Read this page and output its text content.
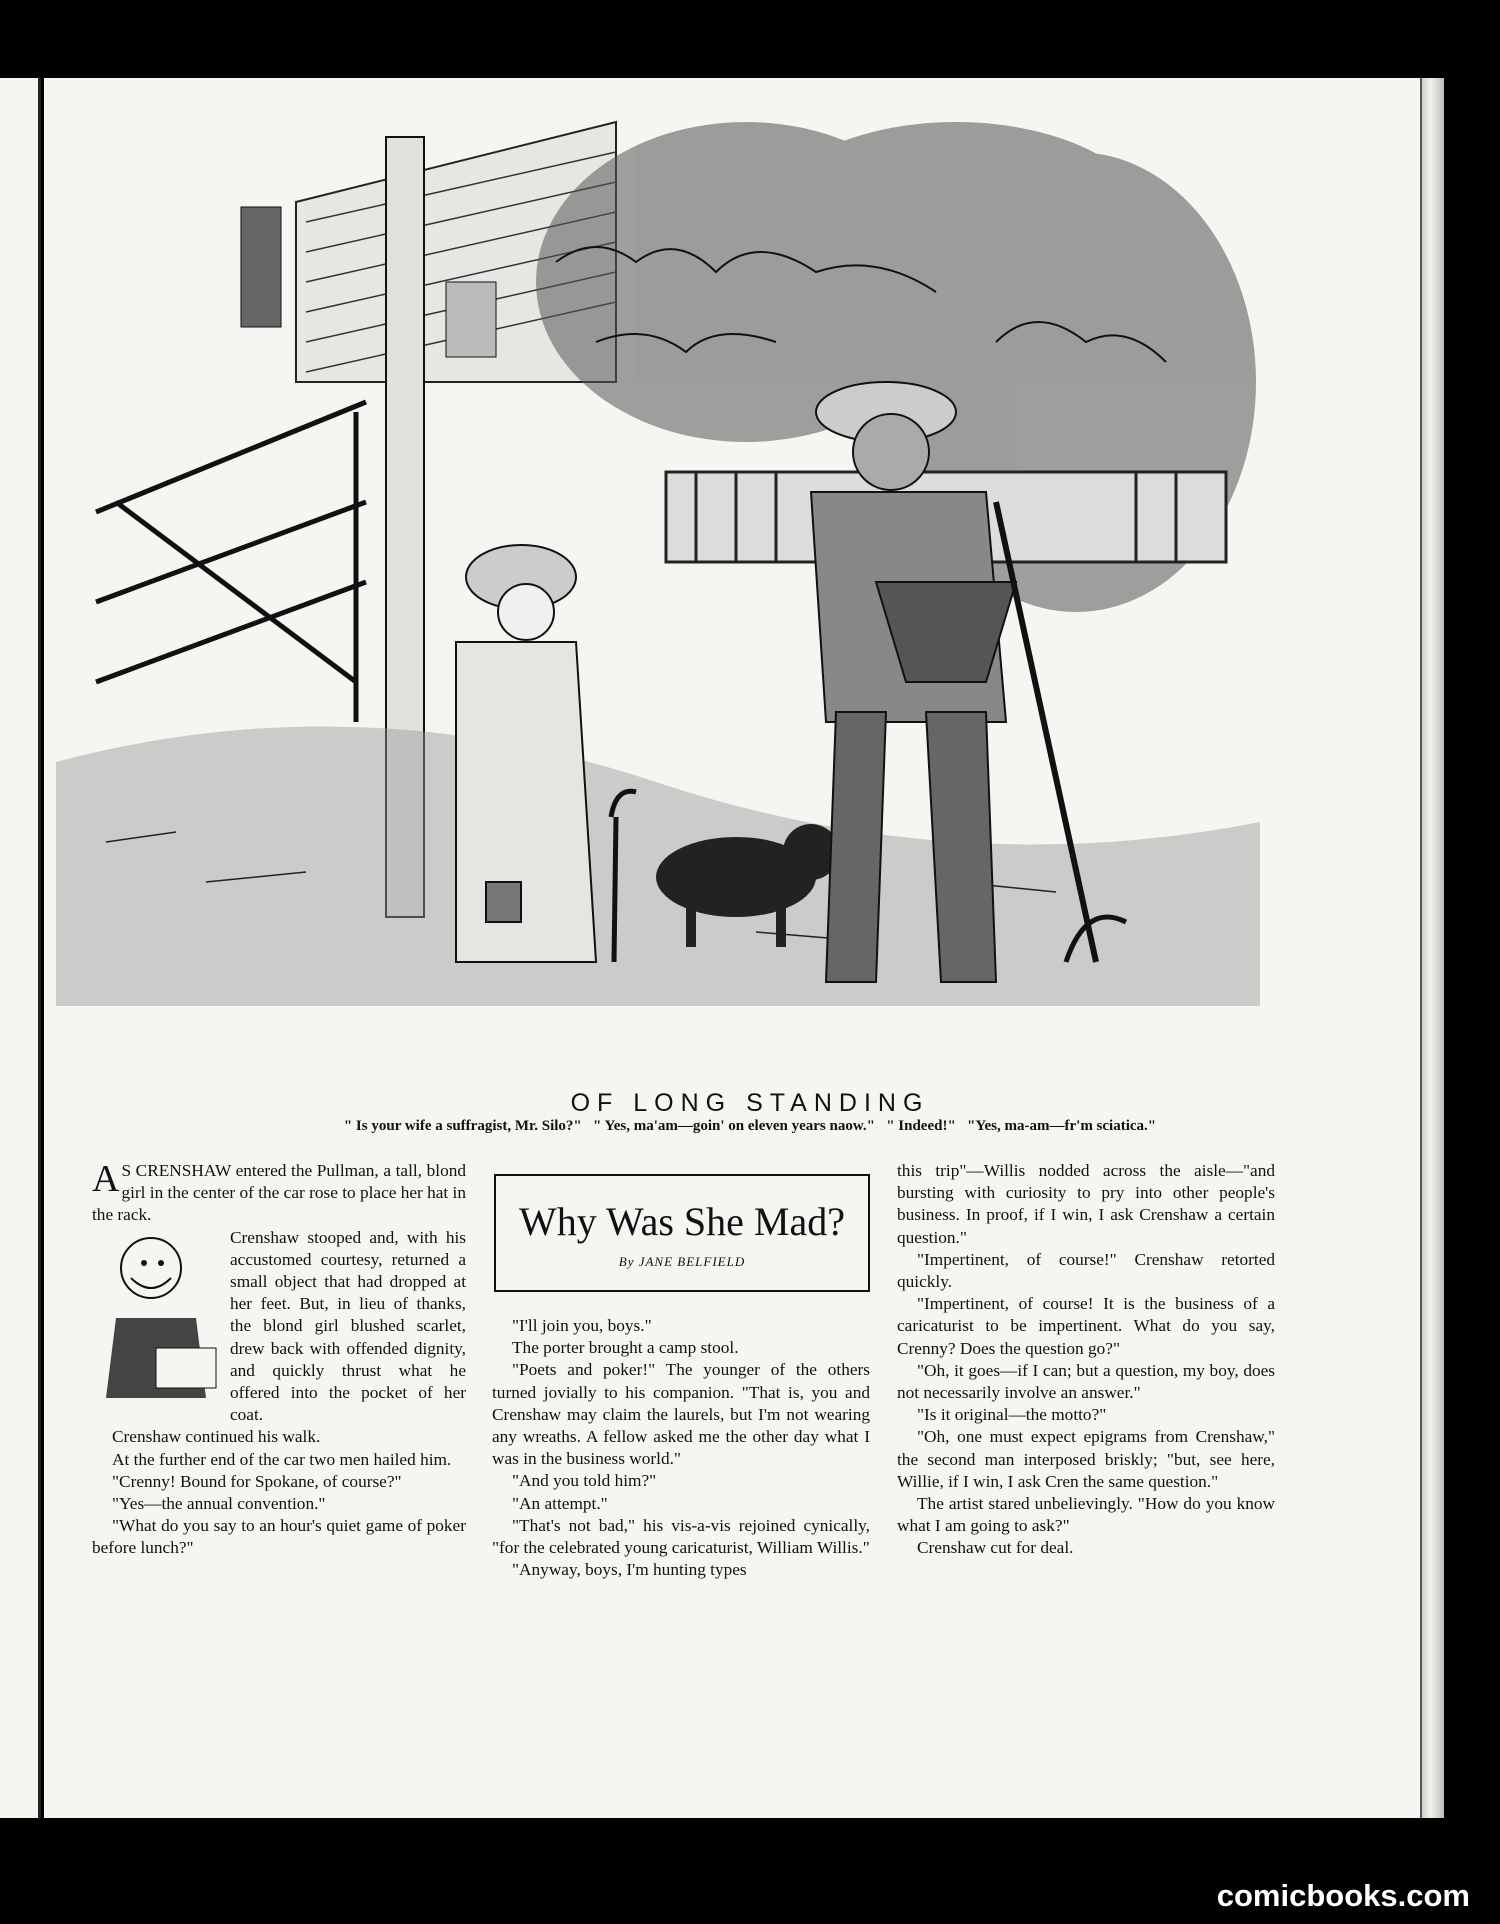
OF LONG STANDING
" Is your wife a suffragist, Mr. Silo?"   " Yes, ma'am—goin' on eleven years naow."   " Indeed!"   "Yes, ma-am—fr'm sciatica."

A S CRENSHAW entered the Pullman, a tall, blond girl in the center of the car rose to place her hat in the rack.

Crenshaw stooped and, with his accustomed courtesy, returned a small object that had dropped at her feet. But, in lieu of thanks, the blond girl blushed scarlet, drew back with offended dignity, and quickly thrust what he offered into the pocket of her coat.

Crenshaw continued his walk.

At the further end of the car two men hailed him.

"Crenny! Bound for Spokane, of course?"

"Yes—the annual convention."

"What do you say to an hour's quiet game of poker before lunch?"

Why Was She Mad?
By JANE BELFIELD

"I'll join you, boys."

The porter brought a camp stool.

"Poets and poker!" The younger of the others turned jovially to his companion. "That is, you and Crenshaw may claim the laurels, but I'm not wearing any wreaths. A fellow asked me the other day what I was in the business world."

"And you told him?"

"An attempt."

"That's not bad," his vis-a-vis rejoined cynically, "for the celebrated young caricaturist, William Willis."

"Anyway, boys, I'm hunting types

this trip"—Willis nodded across the aisle—"and bursting with curiosity to pry into other people's business. In proof, if I win, I ask Crenshaw a certain question."

"Impertinent, of course!" Crenshaw retorted quickly.

"Impertinent, of course! It is the business of a caricaturist to be impertinent. What do you say, Crenny? Does the question go?"

"Oh, it goes—if I can; but a question, my boy, does not necessarily involve an answer."

"Is it original—the motto?"

"Oh, one must expect epigrams from Crenshaw," the second man interposed briskly; "but, see here, Willie, if I win, I ask Cren the same question."

The artist stared unbelievingly. "How do you know what I am going to ask?"

Crenshaw cut for deal.

comicbooks.com
